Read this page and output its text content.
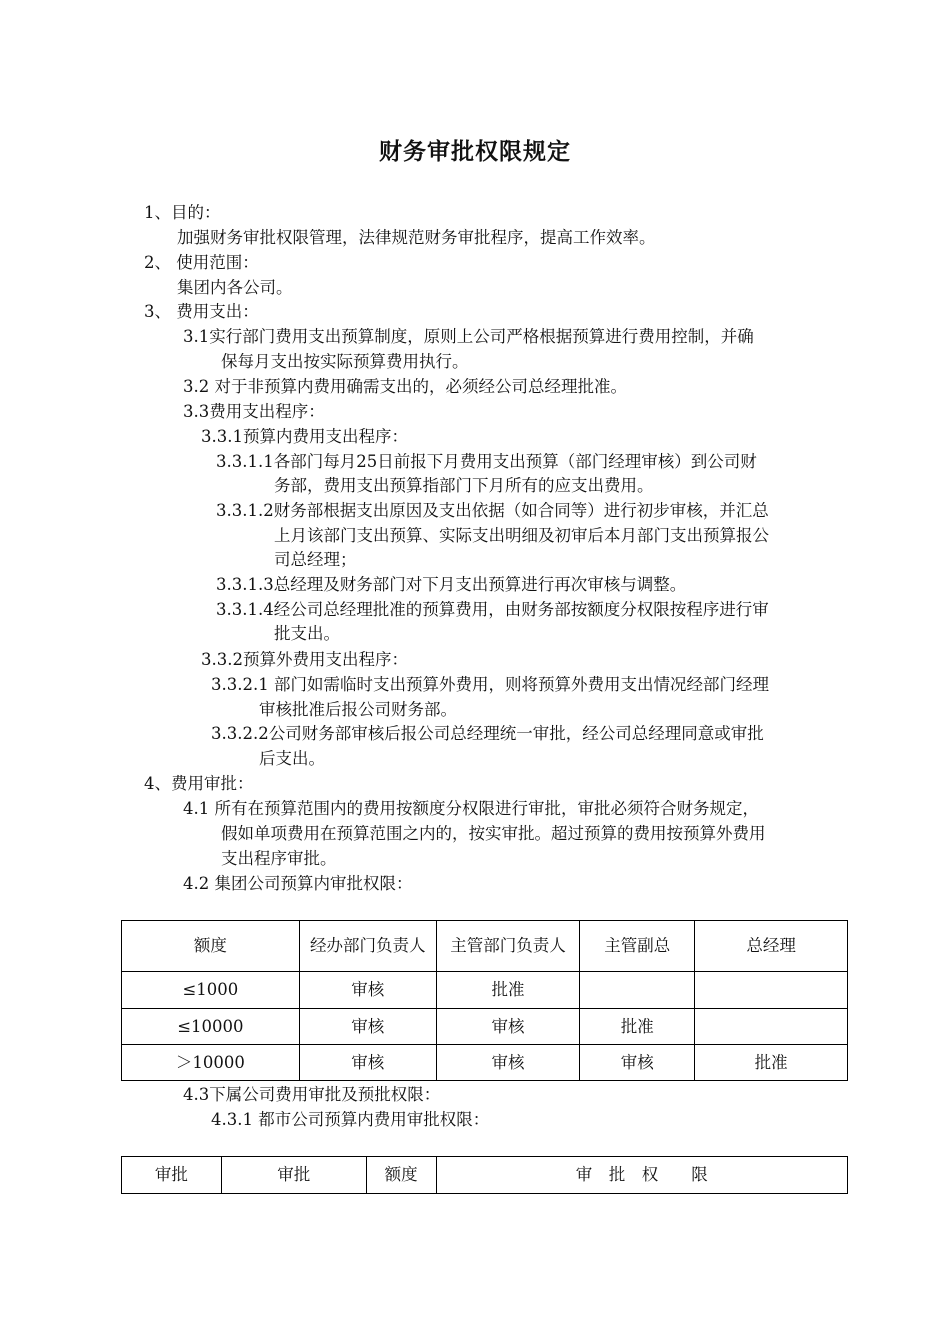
财务审批权限规定
1、目的：
加强财务审批权限管理，法律规范财务审批程序，提高工作效率。
2、 使用范围：
集团内各公司。
3、 费用支出：
3.1实行部门费用支出预算制度，原则上公司严格根据预算进行费用控制，并确
保每月支出按实际预算费用执行。
3.2 对于非预算内费用确需支出的，必须经公司总经理批准。
3.3费用支出程序：
3.3.1预算内费用支出程序：
3.3.1.1各部门每月25日前报下月费用支出预算（部门经理审核）到公司财
务部，费用支出预算指部门下月所有的应支出费用。
3.3.1.2财务部根据支出原因及支出依据（如合同等）进行初步审核，并汇总
上月该部门支出预算、实际支出明细及初审后本月部门支出预算报公
司总经理；
3.3.1.3总经理及财务部门对下月支出预算进行再次审核与调整。
3.3.1.4经公司总经理批准的预算费用，由财务部按额度分权限按程序进行审
批支出。
3.3.2预算外费用支出程序：
3.3.2.1 部门如需临时支出预算外费用，则将预算外费用支出情况经部门经理
审核批准后报公司财务部。
3.3.2.2公司财务部审核后报公司总经理统一审批，经公司总经理同意或审批
后支出。
4、费用审批：
4.1 所有在预算范围内的费用按额度分权限进行审批，审批必须符合财务规定，
假如单项费用在预算范围之内的，按实审批。超过预算的费用按预算外费用
支出程序审批。
4.2 集团公司预算内审批权限：
额度	经办部门负责人	主管部门负责人	主管副总	总经理
≤1000	审核	批准		
≤10000	审核	审核	批准	
＞10000	审核	审核	审核	批准
4.3下属公司费用审批及预批权限：
4.3.1 都市公司预算内费用审批权限：
审批	审批	额度	审　批　权　　限
